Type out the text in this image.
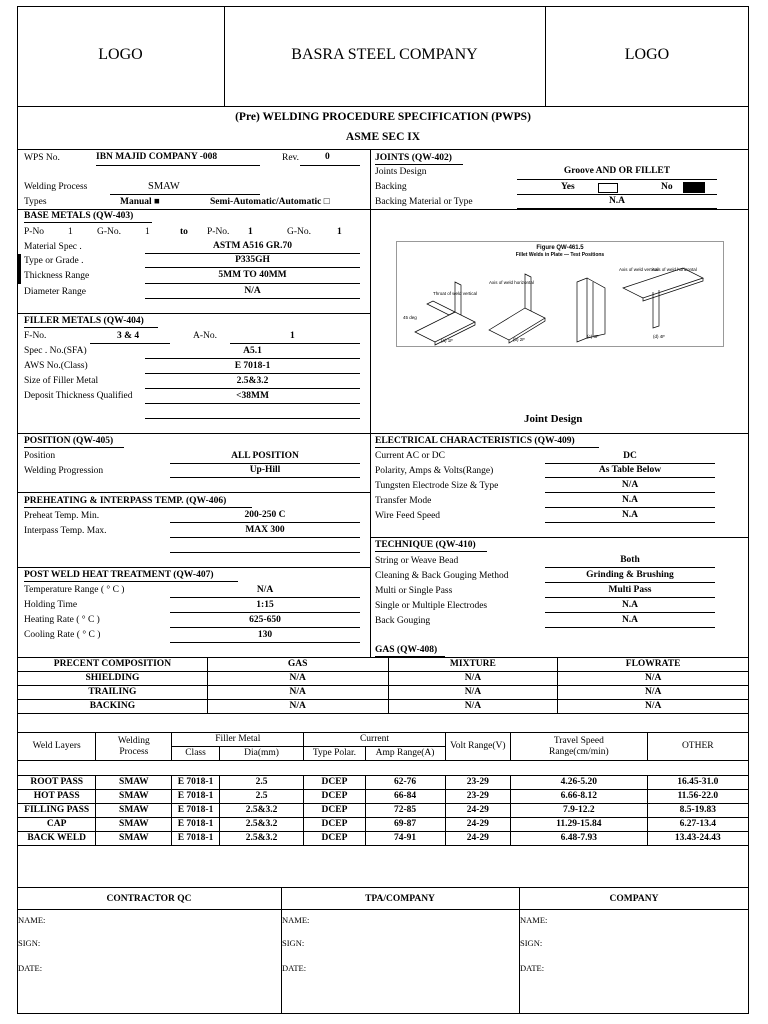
LOGO	BASRA STEEL COMPANY	LOGO
(Pre) WELDING PROCEDURE SPECIFICATION (PWPS)
ASME SEC IX
WPS No.	IBN MAJID COMPANY -008	Rev.	0
Welding Process	SMAW
Types	Manual ■	Semi-Automatic/Automatic □
BASE METALS (QW-403)
P-No	1	G-No.	1	to P-No. 1	G-No.	1
Material Spec .	ASTM A516 GR.70
Type or Grade .	P335GH
Thickness Range	5MM TO 40MM
Diameter Range	N/A
FILLER METALS (QW-404)
F-No.	3 & 4	A-No.	1
Spec . No.(SFA)	A5.1
AWS No.(Class)	E 7018-1
Size of Filler Metal	2.5&3.2
Deposit Thickness Qualified	<38MM
POSITION (QW-405)
Position	ALL POSITION
Welding Progression	Up-Hill
PREHEATING & INTERPASS TEMP. (QW-406)
Preheat Temp. Min.	200-250 C
Interpass Temp. Max.	MAX 300
POST WELD HEAT TREATMENT (QW-407)
Temperature Range ( ° C )	N/A
Holding Time	1:15
Heating Rate ( ° C )	625-650
Cooling Rate ( ° C )	130
JOINTS (QW-402)
Joints Design	Groove AND OR FILLET
Backing	Yes	No
Backing Material or Type	N.A
Figure QW-461.5
Fillet Welds in Plate — Test Positions
Throat of weld vertical
Axis of weld horizontal
Axis of weld vertical
Axis of weld horizontal
45 deg
(a) 1F	(b) 2F
(c) 3F	(d) 4F
Joint Design
ELECTRICAL CHARACTERISTICS (QW-409)
Current AC or DC	DC
Polarity, Amps & Volts(Range)	As Table Below
Tungsten Electrode Size & Type	N/A
Transfer Mode	N.A
Wire Feed Speed	N.A
TECHNIQUE (QW-410)
String or Weave Bead	Both
Cleaning & Back Gouging Method	Grinding & Brushing
Multi or Single Pass	Multi Pass
Single or Multiple Electrodes	N.A
Back Gouging	N.A
GAS (QW-408)
PRECENT COMPOSITION	GAS	MIXTURE	FLOWRATE
SHIELDING	N/A	N/A	N/A
TRAILING	N/A	N/A	N/A
BACKING	N/A	N/A	N/A
Weld Layers	Welding Process	Filler Metal		Current		Volt Range(V)	Travel Speed Range(cm/min)	OTHER
		Class	Dia(mm)	Type Polar.	Amp Range(A)			

ROOT PASS	SMAW	E 7018-1	2.5	DCEP	62-76	23-29	4.26-5.20	16.45-31.0
HOT PASS	SMAW	E 7018-1	2.5	DCEP	66-84	23-29	6.66-8.12	11.56-22.0
FILLING PASS	SMAW	E 7018-1	2.5&3.2	DCEP	72-85	24-29	7.9-12.2	8.5-19.83
CAP	SMAW	E 7018-1	2.5&3.2	DCEP	69-87	24-29	11.29-15.84	6.27-13.4
BACK WELD	SMAW	E 7018-1	2.5&3.2	DCEP	74-91	24-29	6.48-7.93	13.43-24.43
CONTRACTOR QC	TPA/COMPANY	COMPANY
NAME:
SIGN:
DATE:
NAME:
SIGN:
DATE:
NAME:
SIGN:
DATE:
